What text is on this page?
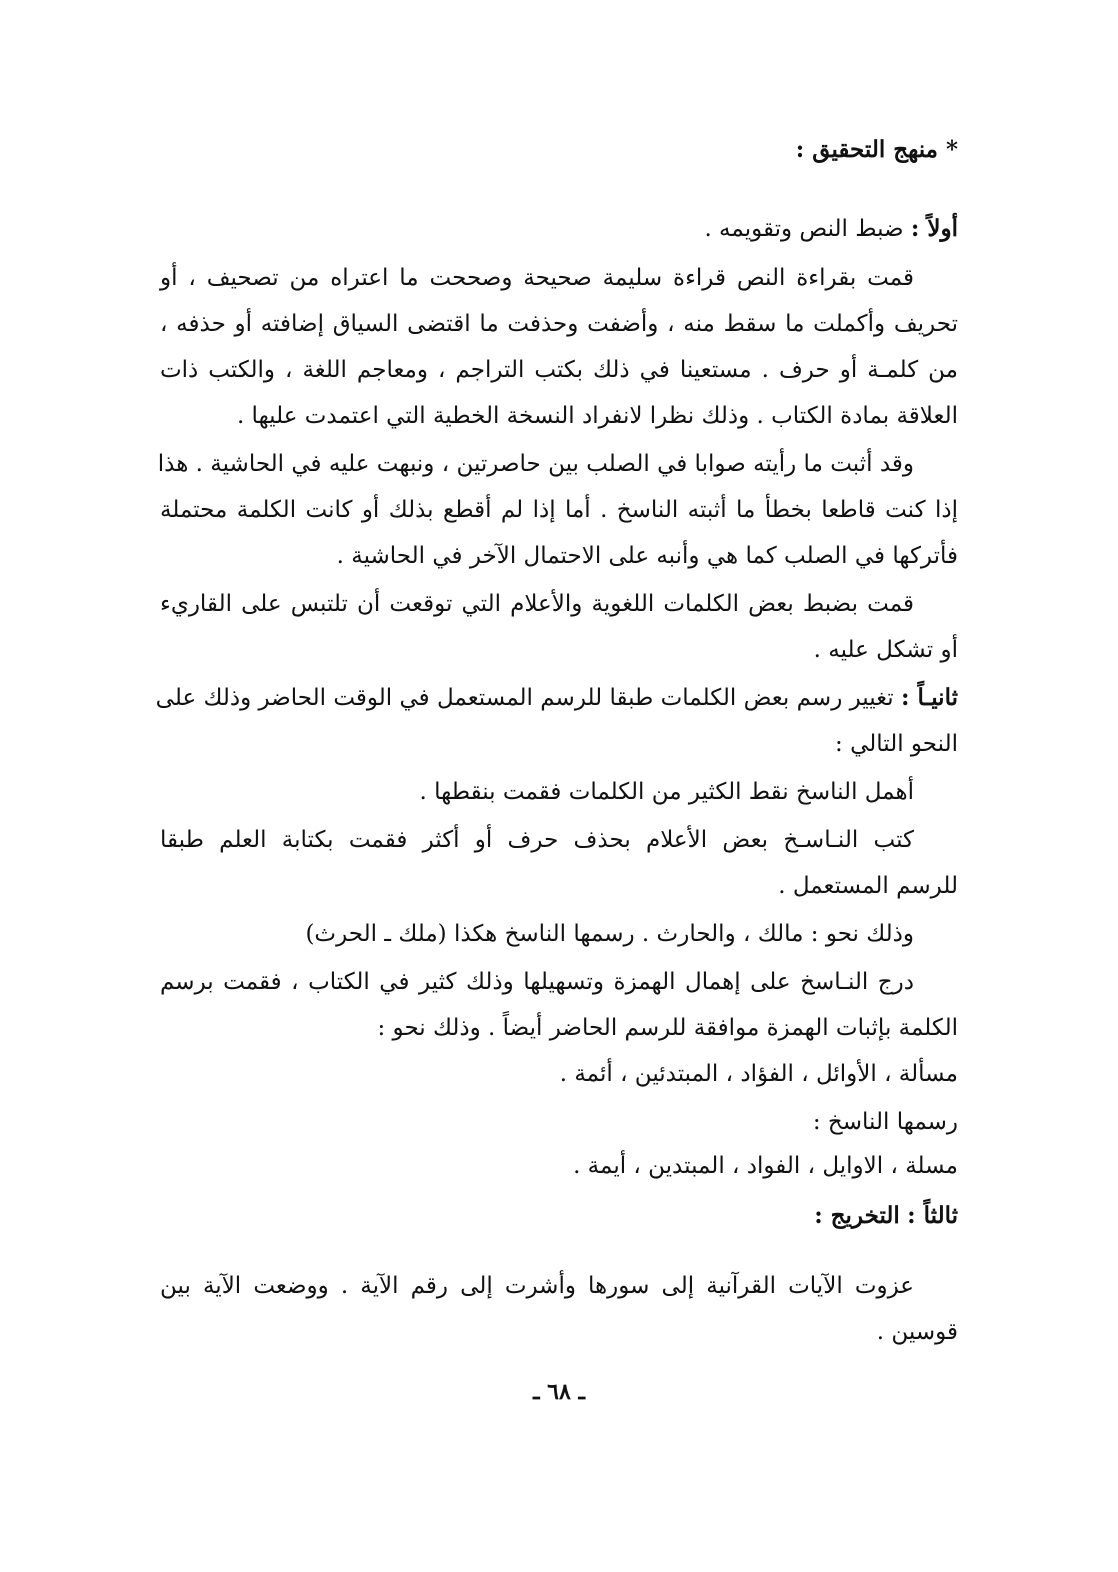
* منهج التحقيق :
أولاً : ضبط النص وتقويمه .
قمت بقراءة النص قراءة سليمة صحيحة وصححت ما اعتراه من تصحيف ، أو
تحريف وأكملت ما سقط منه ، وأضفت وحذفت ما اقتضى السياق إضافته أو حذفه ،
من كلمـة أو حرف . مستعينا في ذلك بكتب التراجم ، ومعاجم اللغة ، والكتب ذات
العلاقة بمادة الكتاب . وذلك نظرا لانفراد النسخة الخطية التي اعتمدت عليها .
وقد أثبت ما رأيته صوابا في الصلب بين حاصرتين ، ونبهت عليه في الحاشية . هذا
إذا كنت قاطعا بخطأ ما أثبته الناسخ . أما إذا لم أقطع بذلك أو كانت الكلمة محتملة
فأتركها في الصلب كما هي وأنبه على الاحتمال الآخر في الحاشية .
قمت بضبط بعض الكلمات اللغوية والأعلام التي توقعت أن تلتبس على القاريء
أو تشكل عليه .
ثانيـاً : تغيير رسم بعض الكلمات طبقا للرسم المستعمل في الوقت الحاضر وذلك على
النحو التالي :
أهمل الناسخ نقط الكثير من الكلمات فقمت بنقطها .
كتب النـاسـخ بعض الأعلام بحذف حرف أو أكثر فقمت بكتابة العلم طبقا
للرسم المستعمل .
وذلك نحو : مالك ، والحارث . رسمها الناسخ هكذا (ملك ـ الحرث)
درج النـاسخ على إهمال الهمزة وتسهيلها وذلك كثير في الكتاب ، فقمت برسم
الكلمة بإثبات الهمزة موافقة للرسم الحاضر أيضاً . وذلك نحو :
مسألة ، الأوائل ، الفؤاد ، المبتدئين ، أئمة .
رسمها الناسخ :
مسلة ، الاوايل ، الفواد ، المبتدين ، أيمة .
ثالثاً : التخريج :
عزوت الآيات القرآنية إلى سورها وأشرت إلى رقم الآية . ووضعت الآية بين
قوسين .
ـ ٦٨ ـ
